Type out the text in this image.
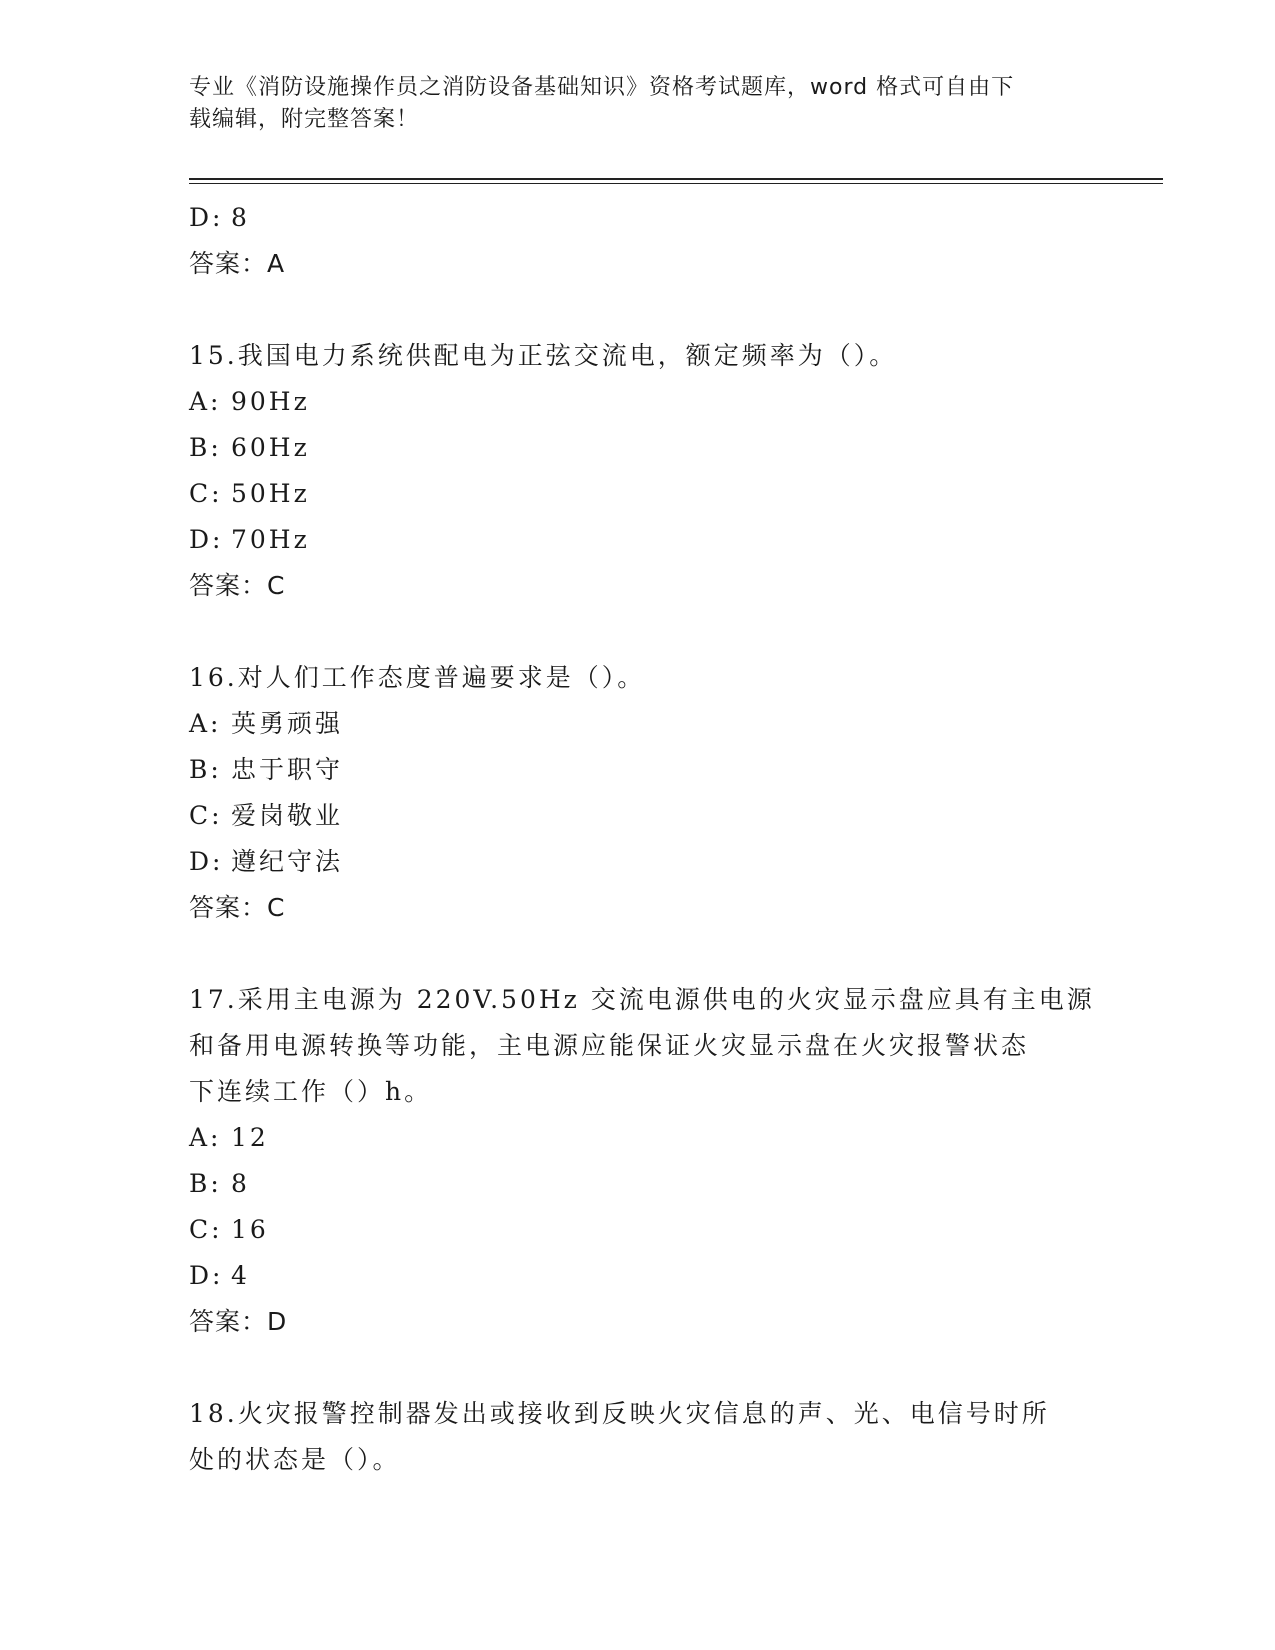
专业《消防设施操作员之消防设备基础知识》资格考试题库，word 格式可自由下
载编辑，附完整答案！
D: 8
答案：A
15.我国电力系统供配电为正弦交流电，额定频率为（）。
A: 90Hz
B: 60Hz
C: 50Hz
D: 70Hz
答案：C
16.对人们工作态度普遍要求是（）。
A: 英勇顽强
B: 忠于职守
C: 爱岗敬业
D: 遵纪守法
答案：C
17.采用主电源为 220V.50Hz 交流电源供电的火灾显示盘应具有主电源
和备用电源转换等功能，主电源应能保证火灾显示盘在火灾报警状态
下连续工作（）h。
A: 12
B: 8
C: 16
D: 4
答案：D
18.火灾报警控制器发出或接收到反映火灾信息的声、光、电信号时所
处的状态是（）。
